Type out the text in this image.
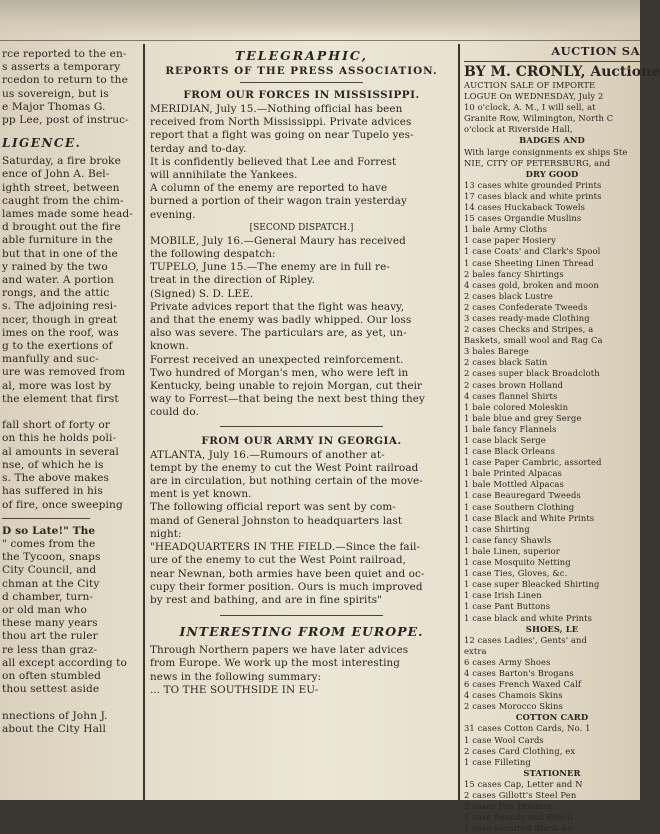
rce reported to the en-
s asserts a temporary
rcedon to return to the
us sovereign, but is
e Major Thomas G.
pp Lee, post of instruc-
LIGENCE.
Saturday, a fire broke
ence of John A. Bel-
ighth street, between
caught from the chim-
lames made some head-
d brought out the fire
able furniture in the
but that in one of the
y rained by the two
and water. A portion
rongs, and the attic
s. The adjoining resi-
ncer, though in great
imes on the roof, was
g to the exertions of
manfully and suc-
ure was removed from
al, more was lost by
the element that first

fall short of forty or
on this he holds poli-
al amounts in several
nse, of which he is
s. The above makes
has suffered in his
of fire, once sweeping
D so Late!" The
" comes from the
the Tycoon, snaps
City Council, and
chman at the City
d chamber, turn-
or old man who
these many years
thou art the ruler
re less than graz-
all except according to
on often stumbled
thou settest aside

nnections of John J.
about the City Hall
TELEGRAPHIC,
REPORTS OF THE PRESS ASSOCIATION.
FROM OUR FORCES IN MISSISSIPPI.
MERIDIAN, July 15.—Nothing official has been
received from North Mississippi. Private advices
report that a fight was going on near Tupelo yes-
terday and to-day.
It is confidently believed that Lee and Forrest
will annihilate the Yankees.
A column of the enemy are reported to have
burned a portion of their wagon train yesterday
evening.
[SECOND DISPATCH.]
MOBILE, July 16.—General Maury has received
the following despatch:
TUPELO, June 15.—The enemy are in full re-
treat in the direction of Ripley.
(Signed) S. D. LEE.
Private advices report that the fight was heavy,
and that the enemy was badly whipped. Our loss
also was severe. The particulars are, as yet, un-
known.
Forrest received an unexpected reinforcement.
Two hundred of Morgan's men, who were left in
Kentucky, being unable to rejoin Morgan, cut their
way to Forrest—that being the next best thing they
could do.
FROM OUR ARMY IN GEORGIA.
ATLANTA, July 16.—Rumours of another at-
tempt by the enemy to cut the West Point railroad
are in circulation, but nothing certain of the move-
ment is yet known.
The following official report was sent by com-
mand of General Johnston to headquarters last
night:
"HEADQUARTERS IN THE FIELD.—Since the fail-
ure of the enemy to cut the West Point railroad,
near Newnan, both armies have been quiet and oc-
cupy their former position. Ours is much improved
by rest and bathing, and are in fine spirits"
INTERESTING FROM EUROPE.
Through Northern papers we have later advices
from Europe. We work up the most interesting
news in the following summary:
... TO THE SOUTHSIDE IN EU-
AUCTION SA
BY M. CRONLY, Auctione
AUCTION SALE OF IMPORTE
LOGUE On WEDNESDAY, July 2
10 o'clock, A. M., I will sell, at
Granite Row, Wilmington, North C
o'clock at Riverside Hall,
BADGES AND
With large consignments ex ships Ste
NIE, CITY OF PETERSBURG, and
DRY GOOD
13 cases white grounded Prints
17 cases black and white prints
14 cases Huckaback Towels
15 cases Organdie Muslins
1 bale Army Cloths
1 case paper Hosiery
1 case Coats' and Clark's Spool
1 case Sheeting Linen Thread
2 bales fancy Shirtings
4 cases gold, broken and moon
2 cases black Lustre
2 cases Confederate Tweeds
3 cases ready-made Clothing
2 cases Checks and Stripes, a
Baskets, small wool and Rag Ca
3 bales Barege
2 cases black Satin
2 cases super black Broadcloth
2 cases brown Holland
4 cases flannel Shirts
1 bale colored Moleskin
1 bale blue and grey Serge
1 bale fancy Flannels
1 case black Serge
1 case Black Orleans
1 case Paper Cambric, assorted
1 bale Printed Alpacas
1 bale Mottled Alpacas
1 case Beauregard Tweeds
1 case Southern Clothing
1 case Black and White Prints
1 case Shirting
1 case fancy Shawls
1 bale Linen, superior
1 case Mosquito Netting
1 case Ties, Gloves, &c.
1 case super Bleacked Shirting
1 case Irish Linen
1 case Pant Buttons
1 case black and white Prints
SHOES, LE
12 cases Ladies', Gents' and
extra
6 cases Army Shoes
4 cases Barton's Brogans
6 cases French Waxed Calf
4 cases Chamois Skins
2 cases Morocco Skins
COTTON CARD
31 cases Cotton Cards, No. 1
1 case Wool Cards
2 cases Card Clothing, ex
1 case Filleting
STATIONER
15 cases Cap, Letter and N
2 cases Gillott's Steel Pen
2 cases Pen Holders
1 case Pencils and Pencil
1 case assorted Blank-bo
